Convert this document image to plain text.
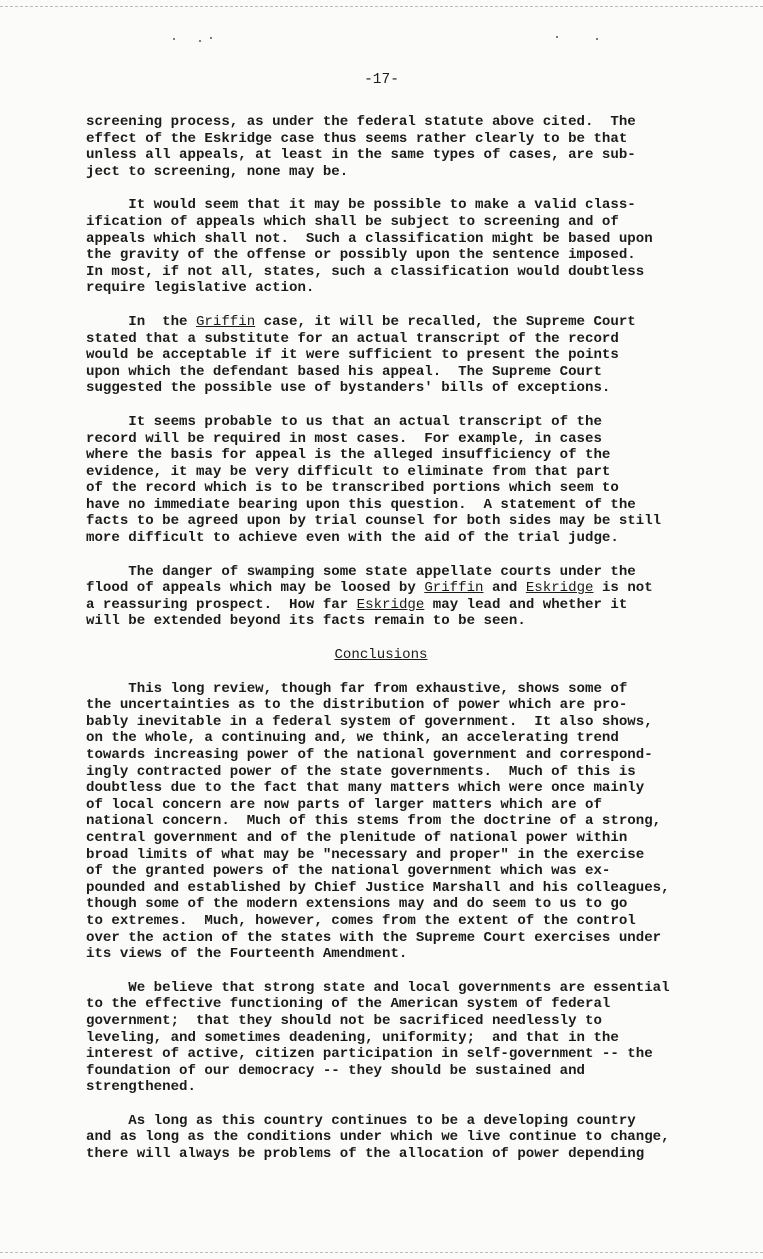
-17-

screening process, as under the federal statute above cited.  The
effect of the Eskridge case thus seems rather clearly to be that
unless all appeals, at least in the same types of cases, are sub-
ject to screening, none may be.

It would seem that it may be possible to make a valid class-
ification of appeals which shall be subject to screening and of
appeals which shall not.  Such a classification might be based upon
the gravity of the offense or possibly upon the sentence imposed.
In most, if not all, states, such a classification would doubtless
require legislative action.

In  the Griffin case, it will be recalled, the Supreme Court
stated that a substitute for an actual transcript of the record
would be acceptable if it were sufficient to present the points
upon which the defendant based his appeal.  The Supreme Court
suggested the possible use of bystanders' bills of exceptions.

It seems probable to us that an actual transcript of the
record will be required in most cases.  For example, in cases
where the basis for appeal is the alleged insufficiency of the
evidence, it may be very difficult to eliminate from that part
of the record which is to be transcribed portions which seem to
have no immediate bearing upon this question.  A statement of the
facts to be agreed upon by trial counsel for both sides may be still
more difficult to achieve even with the aid of the trial judge.

The danger of swamping some state appellate courts under the
flood of appeals which may be loosed by Griffin and Eskridge is not
a reassuring prospect.  How far Eskridge may lead and whether it
will be extended beyond its facts remain to be seen.

Conclusions

This long review, though far from exhaustive, shows some of
the uncertainties as to the distribution of power which are pro-
bably inevitable in a federal system of government.  It also shows,
on the whole, a continuing and, we think, an accelerating trend
towards increasing power of the national government and correspond-
ingly contracted power of the state governments.  Much of this is
doubtless due to the fact that many matters which were once mainly
of local concern are now parts of larger matters which are of
national concern.  Much of this stems from the doctrine of a strong,
central government and of the plenitude of national power within
broad limits of what may be "necessary and proper" in the exercise
of the granted powers of the national government which was ex-
pounded and established by Chief Justice Marshall and his colleagues,
though some of the modern extensions may and do seem to us to go
to extremes.  Much, however, comes from the extent of the control
over the action of the states with the Supreme Court exercises under
its views of the Fourteenth Amendment.

We believe that strong state and local governments are essential
to the effective functioning of the American system of federal
government;  that they should not be sacrificed needlessly to
leveling, and sometimes deadening, uniformity;  and that in the
interest of active, citizen participation in self-government -- the
foundation of our democracy -- they should be sustained and
strengthened.

As long as this country continues to be a developing country
and as long as the conditions under which we live continue to change,
there will always be problems of the allocation of power depending
